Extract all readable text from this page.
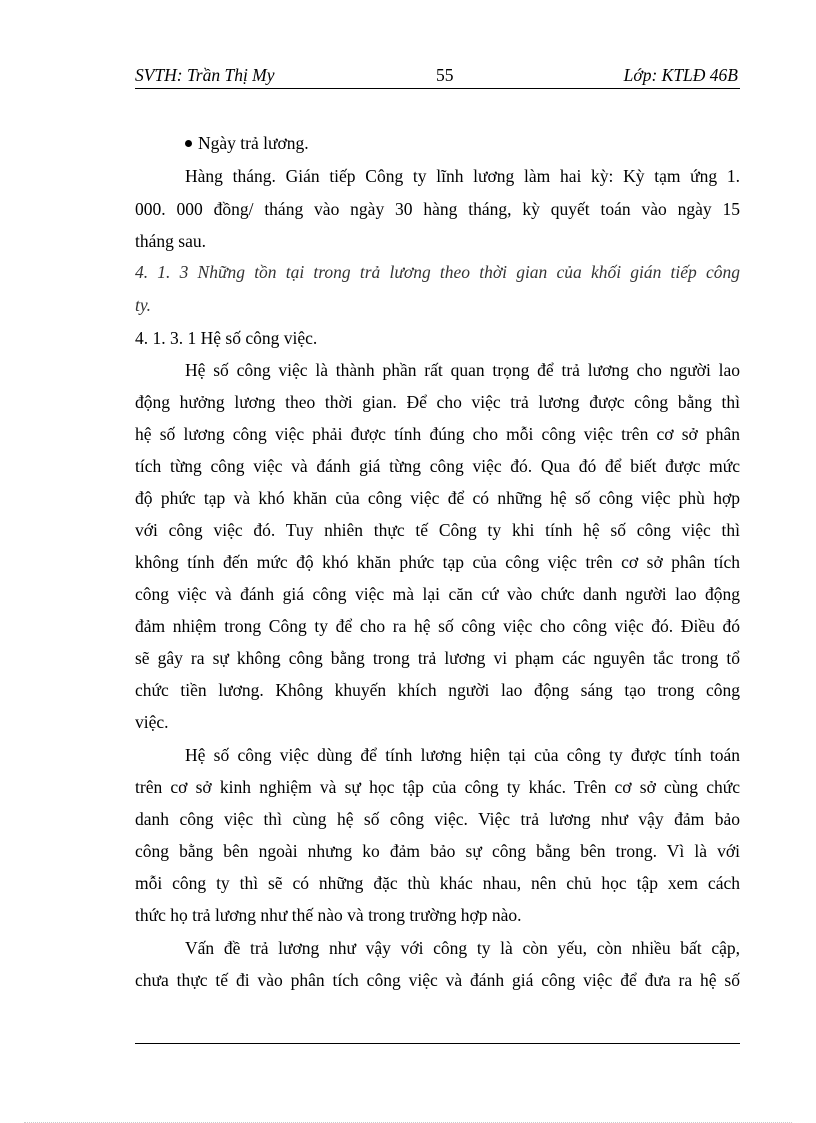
SVTH: Trần Thị My	55	Lớp: KTLĐ 46B
Ngày trả lương.
Hàng tháng. Gián tiếp Công ty lĩnh lương làm hai kỳ: Kỳ tạm ứng 1.
000. 000 đồng/ tháng vào ngày 30 hàng tháng, kỳ quyết toán vào ngày 15
tháng sau.
4. 1. 3 Những tồn tại trong trả lương theo thời gian của khối gián tiếp công
ty.
4. 1. 3. 1 Hệ số công việc.
Hệ số công việc là thành phần rất quan trọng để trả lương cho người lao
động hưởng lương theo thời gian. Để cho việc trả lương được công bằng thì
hệ số lương công việc phải được tính đúng cho mỗi công việc trên cơ sở phân
tích từng công việc và đánh giá từng công việc đó. Qua đó để biết được mức
độ phức tạp và khó khăn của công việc để có những hệ số công việc phù hợp
với công việc đó. Tuy nhiên thực tế Công ty khi tính hệ số công việc thì
không tính đến mức độ khó khăn phức tạp của công việc trên cơ sở phân tích
công việc và đánh giá công việc mà lại căn cứ vào chức danh người lao động
đảm nhiệm trong Công ty để cho ra hệ số công việc cho công việc đó. Điều đó
sẽ gây ra sự không công bằng trong trả lương vi phạm các nguyên tắc trong tổ
chức tiền lương. Không khuyến khích người lao động sáng tạo trong công
việc.
Hệ số công việc dùng để tính lương hiện tại của công ty được tính toán
trên cơ sở kinh nghiệm và sự học tập của công ty khác. Trên cơ sở cùng chức
danh công việc thì cùng hệ số công việc. Việc trả lương như vậy đảm bảo
công bằng bên ngoài nhưng ko đảm bảo sự công bằng bên trong. Vì là với
mỗi công ty thì sẽ có những đặc thù khác nhau, nên chủ học tập xem cách
thức họ trả lương như thế nào và trong trường hợp nào.
Vấn đề trả lương như vậy với công ty là còn yếu, còn nhiều bất cập,
chưa thực tế đi vào phân tích công việc và đánh giá công việc để đưa ra hệ số
